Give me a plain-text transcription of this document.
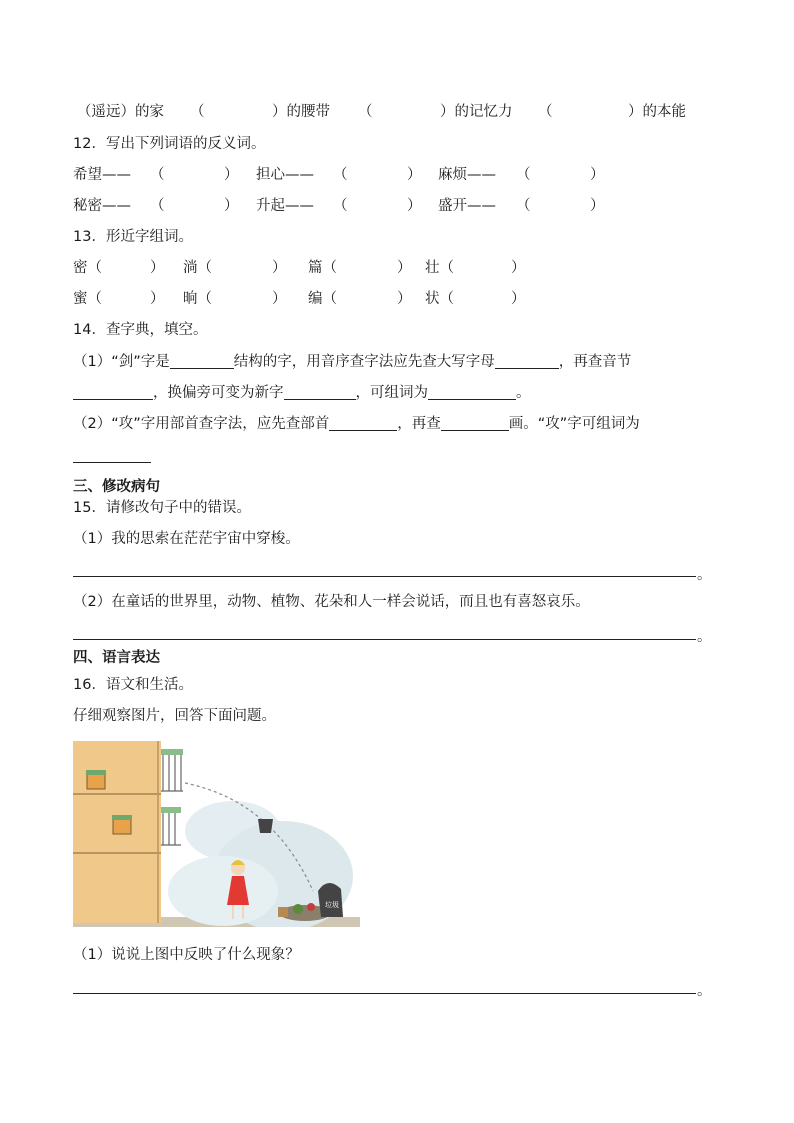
（遥远）的家 （	）的腰带 （	）的记忆力 （	）的本能
12．写出下列词语的反义词。
希望—— （	） 担心—— （	） 麻烦—— （	）
秘密—— （	） 升起—— （	） 盛开—— （	）
13．形近字组词。
密（	） 淌（	） 篇（	） 壮（	）
蜜（	） 晌（	） 编（	） 状（	）
14．查字典，填空。
（1）“剑”字是	结构的字，用音序查字法应先查大写字母	，再查音节
，换偏旁可变为新字	，可组词为	。
（2）“攻”字用部首查字法，应先查部首	，再查	画。“攻”字可组词为
三、修改病句
15．请修改句子中的错误。
（1）我的思索在茫茫宇宙中穿梭。
。
（2）在童话的世界里，动物、植物、花朵和人一样会说话，而且也有喜怒哀乐。
。
四、语言表达
16．语文和生活。
仔细观察图片，回答下面问题。
垃圾
（1）说说上图中反映了什么现象？
。
